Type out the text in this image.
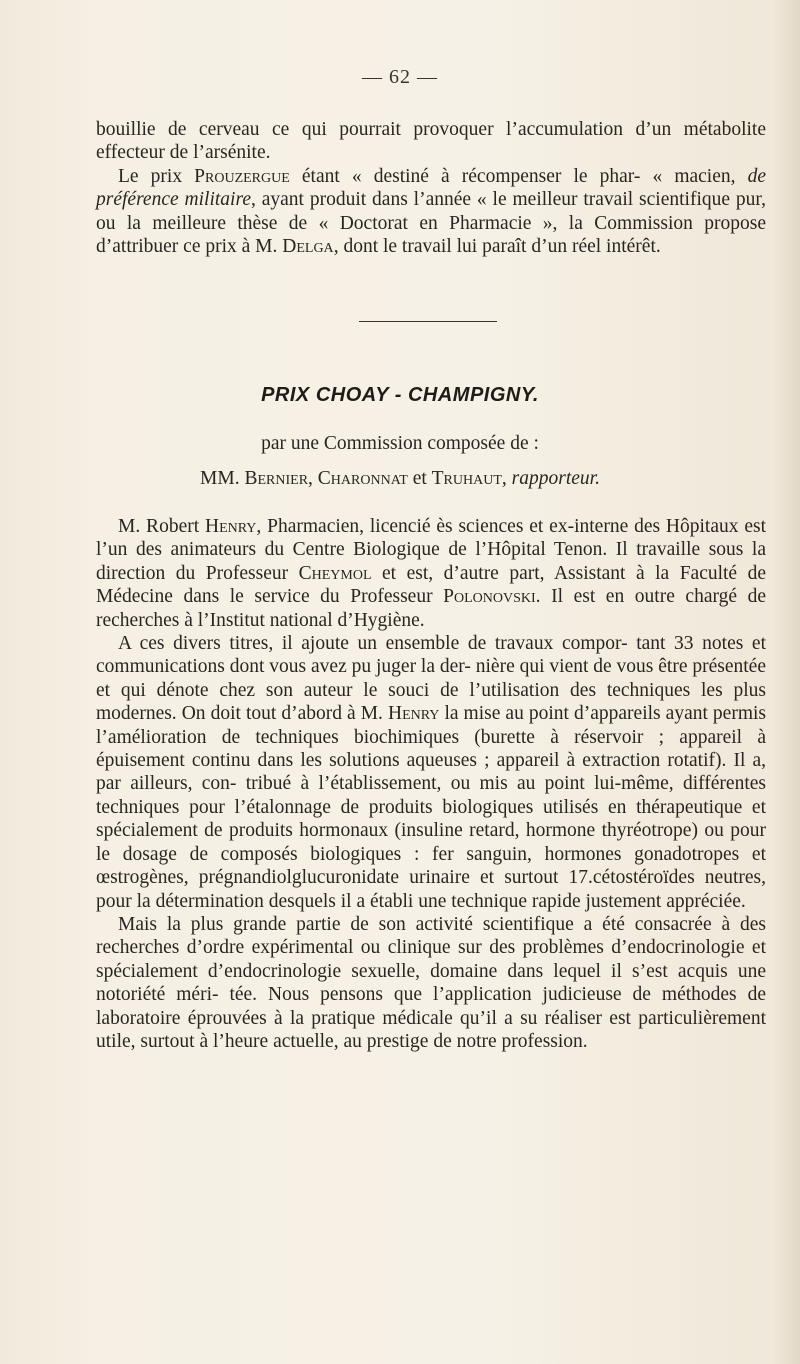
— 62 —

bouillie de cerveau ce qui pourrait provoquer l’accumulation d’un métabolite effecteur de l’arsénite.

Le prix Prouzergue étant « destiné à récompenser le phar- « macien, de préférence militaire, ayant produit dans l’année « le meilleur travail scientifique pur, ou la meilleure thèse de « Doctorat en Pharmacie », la Commission propose d’attribuer ce prix à M. Delga, dont le travail lui paraît d’un réel intérêt.

PRIX CHOAY - CHAMPIGNY.
par une Commission composée de :
MM. Bernier, Charonnat et Truhaut, rapporteur.

M. Robert Henry, Pharmacien, licencié ès sciences et ex-interne des Hôpitaux est l’un des animateurs du Centre Biologique de l’Hôpital Tenon. Il travaille sous la direction du Professeur Cheymol et est, d’autre part, Assistant à la Faculté de Médecine dans le service du Professeur Polonovski. Il est en outre chargé de recherches à l’Institut national d’Hygiène.

A ces divers titres, il ajoute un ensemble de travaux compor- tant 33 notes et communications dont vous avez pu juger la der- nière qui vient de vous être présentée et qui dénote chez son auteur le souci de l’utilisation des techniques les plus modernes. On doit tout d’abord à M. Henry la mise au point d’appareils ayant permis l’amélioration de techniques biochimiques (burette à réservoir ; appareil à épuisement continu dans les solutions aqueuses ; appareil à extraction rotatif). Il a, par ailleurs, con- tribué à l’établissement, ou mis au point lui-même, différentes techniques pour l’étalonnage de produits biologiques utilisés en thérapeutique et spécialement de produits hormonaux (insuline retard, hormone thyréotrope) ou pour le dosage de composés biologiques : fer sanguin, hormones gonadotropes et œstrogènes, prégnandiolglucuronidate urinaire et surtout 17.cétostéroïdes neutres, pour la détermination desquels il a établi une technique rapide justement appréciée.

Mais la plus grande partie de son activité scientifique a été consacrée à des recherches d’ordre expérimental ou clinique sur des problèmes d’endocrinologie et spécialement d’endocrinologie sexuelle, domaine dans lequel il s’est acquis une notoriété méri- tée. Nous pensons que l’application judicieuse de méthodes de laboratoire éprouvées à la pratique médicale qu’il a su réaliser est particulièrement utile, surtout à l’heure actuelle, au prestige de notre profession.
